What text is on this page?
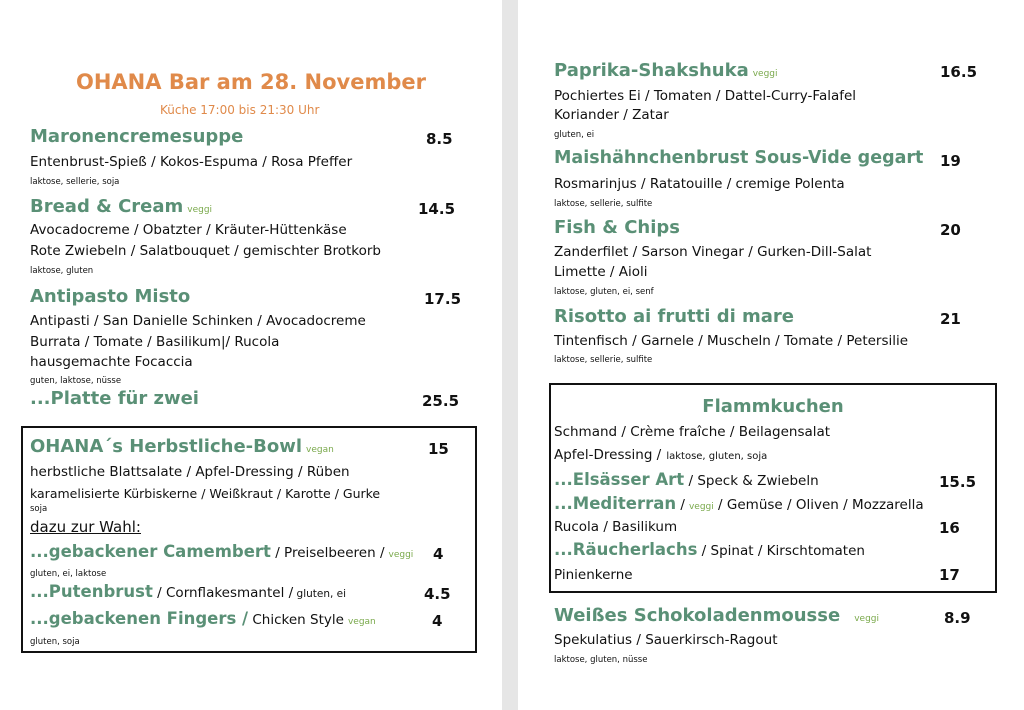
OHANA Bar am 28. November
Küche 17:00 bis 21:30 Uhr
Maronencremesuppe	8.5
Entenbrust-Spieß / Kokos-Espuma / Rosa Pfeffer
laktose, sellerie, soja
Bread & Cream veggi	14.5
Avocadocreme / Obatzter / Kräuter-Hüttenkäse
Rote Zwiebeln / Salatbouquet / gemischter Brotkorb
laktose, gluten
Antipasto Misto	17.5
Antipasti / San Danielle Schinken / Avocadocreme
Burrata / Tomate / Basilikum|/ Rucola
hausgemachte Focaccia
guten, laktose, nüsse
...Platte für zwei	25.5
OHANA´s Herbstliche-Bowl vegan	15
herbstliche Blattsalate / Apfel-Dressing / Rüben
karamelisierte Kürbiskerne / Weißkraut / Karotte / Gurke
soja
dazu zur Wahl:
...gebackener Camembert / Preiselbeeren / veggi 4
gluten, ei, laktose
...Putenbrust / Cornflakesmantel / gluten, ei	4.5
...gebackenen Fingers / Chicken Style vegan	4
gluten, soja
Paprika-Shakshuka veggi	16.5
Pochiertes Ei / Tomaten / Dattel-Curry-Falafel
Koriander / Zatar
gluten, ei
Maishähnchenbrust Sous-Vide gegart 19
Rosmarinjus / Ratatouille / cremige Polenta
laktose, sellerie, sulfite
Fish & Chips	20
Zanderfilet / Sarson Vinegar / Gurken-Dill-Salat
Limette / Aioli
laktose, gluten, ei, senf
Risotto ai frutti di mare	21
Tintenfisch / Garnele / Muscheln / Tomate / Petersilie
laktose, sellerie, sulfite
Flammkuchen
Schmand / Crème fraîche / Beilagensalat
Apfel-Dressing / laktose, gluten, soja
...Elsässer Art / Speck & Zwiebeln	15.5
...Mediterran / veggi / Gemüse / Oliven / Mozzarella
Rucola / Basilikum	16
...Räucherlachs / Spinat / Kirschtomaten
Pinienkerne	17
Weißes Schokoladenmousse veggi	8.9
Spekulatius / Sauerkirsch-Ragout
laktose, gluten, nüsse
